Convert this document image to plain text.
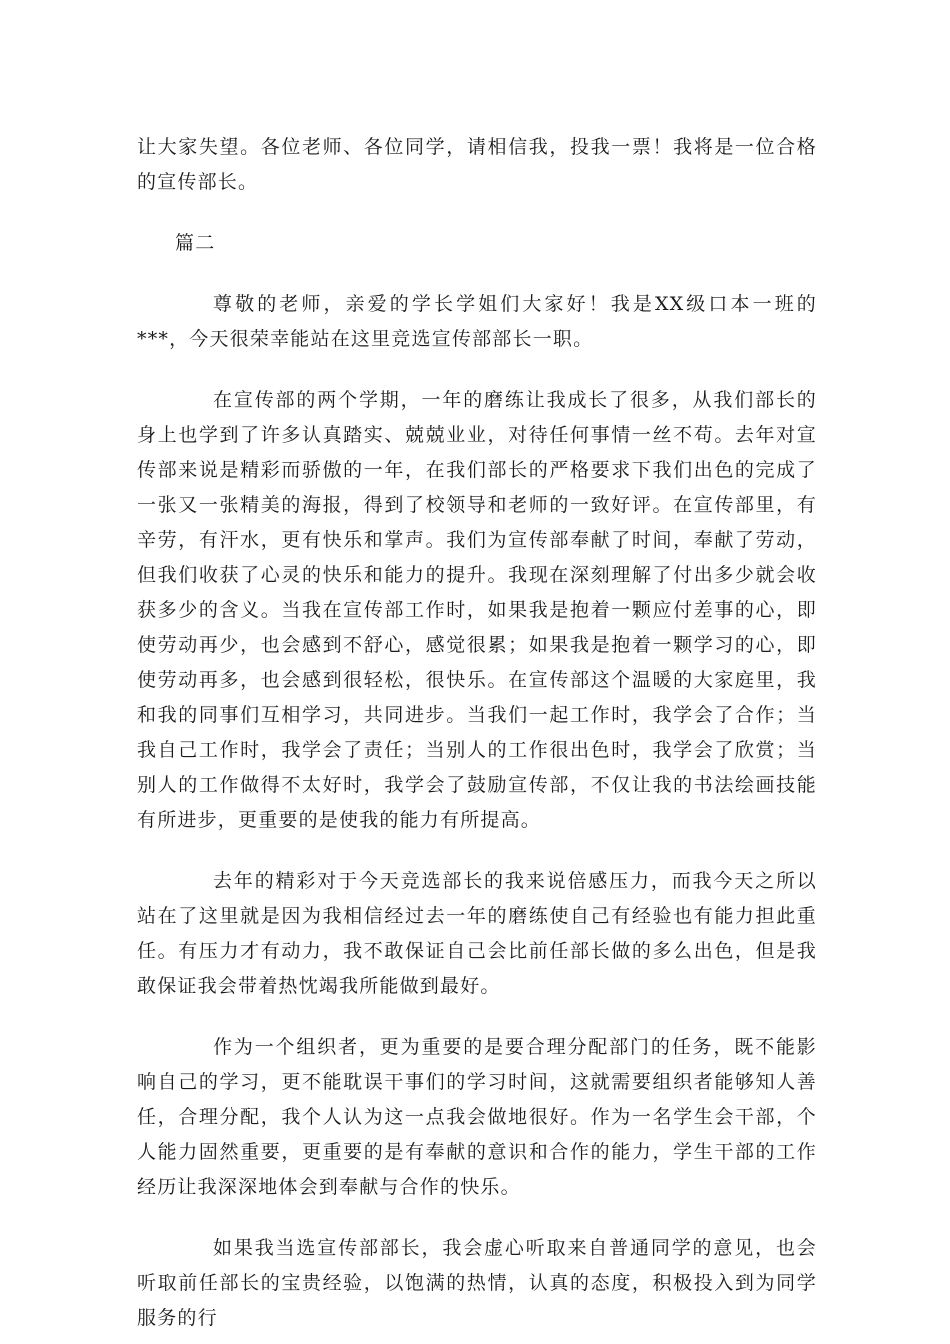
让大家失望。各位老师、各位同学，请相信我，投我一票！我将是一位合格的宣传部长。

篇二

尊敬的老师，亲爱的学长学姐们大家好！我是XX级口本一班的***，今天很荣幸能站在这里竞选宣传部部长一职。

在宣传部的两个学期，一年的磨练让我成长了很多，从我们部长的身上也学到了许多认真踏实、兢兢业业，对待任何事情一丝不苟。去年对宣传部来说是精彩而骄傲的一年，在我们部长的严格要求下我们出色的完成了一张又一张精美的海报，得到了校领导和老师的一致好评。在宣传部里，有辛劳，有汗水，更有快乐和掌声。我们为宣传部奉献了时间，奉献了劳动，但我们收获了心灵的快乐和能力的提升。我现在深刻理解了付出多少就会收获多少的含义。当我在宣传部工作时，如果我是抱着一颗应付差事的心，即使劳动再少，也会感到不舒心，感觉很累；如果我是抱着一颗学习的心，即使劳动再多，也会感到很轻松，很快乐。在宣传部这个温暖的大家庭里，我和我的同事们互相学习，共同进步。当我们一起工作时，我学会了合作；当我自己工作时，我学会了责任；当别人的工作很出色时，我学会了欣赏；当别人的工作做得不太好时，我学会了鼓励宣传部，不仅让我的书法绘画技能有所进步，更重要的是使我的能力有所提高。

去年的精彩对于今天竞选部长的我来说倍感压力，而我今天之所以站在了这里就是因为我相信经过去一年的磨练使自己有经验也有能力担此重任。有压力才有动力，我不敢保证自己会比前任部长做的多么出色，但是我敢保证我会带着热忱竭我所能做到最好。

作为一个组织者，更为重要的是要合理分配部门的任务，既不能影响自己的学习，更不能耽误干事们的学习时间，这就需要组织者能够知人善任，合理分配，我个人认为这一点我会做地很好。作为一名学生会干部，个人能力固然重要，更重要的是有奉献的意识和合作的能力，学生干部的工作经历让我深深地体会到奉献与合作的快乐。

如果我当选宣传部部长，我会虚心听取来自普通同学的意见，也会听取前任部长的宝贵经验，以饱满的热情，认真的态度，积极投入到为同学服务的行
